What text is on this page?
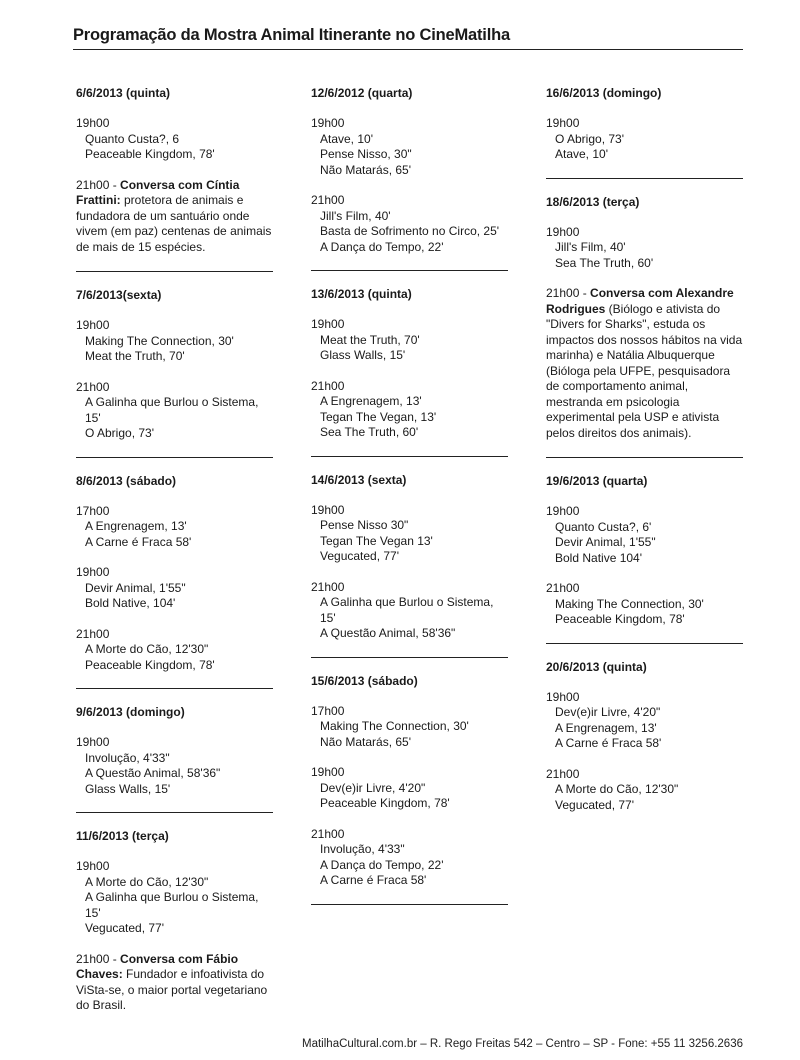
Programação da Mostra Animal Itinerante no CineMatilha
6/6/2013 (quinta)
19h00
Quanto Custa?, 6
Peaceable Kingdom, 78'
21h00 - Conversa com Cíntia Frattini: protetora de animais e fundadora de um santuário onde vivem (em paz) centenas de animais de mais de 15 espécies.
7/6/2013(sexta)
19h00
Making The Connection, 30'
Meat the Truth, 70'
21h00
A Galinha que Burlou o Sistema, 15'
O Abrigo, 73'
8/6/2013 (sábado)
17h00
A Engrenagem, 13'
A Carne é Fraca 58'
19h00
Devir Animal, 1'55"
Bold Native, 104'
21h00
A Morte do Cão, 12'30"
Peaceable Kingdom, 78'
9/6/2013 (domingo)
19h00
Involução, 4'33"
A Questão Animal, 58'36"
Glass Walls, 15'
11/6/2013 (terça)
19h00
A Morte do Cão, 12'30"
A Galinha que Burlou o Sistema, 15'
Vegucated, 77'
21h00 - Conversa com Fábio Chaves: Fundador e infoativista do ViSta-se, o maior portal vegetariano do Brasil.
12/6/2012 (quarta)
19h00
Atave, 10'
Pense Nisso, 30"
Não Matarás, 65'
21h00
Jill's Film, 40'
Basta de Sofrimento no Circo, 25'
A Dança do Tempo, 22'
13/6/2013 (quinta)
19h00
Meat the Truth, 70'
Glass Walls, 15'
21h00
A Engrenagem, 13'
Tegan The Vegan, 13'
Sea The Truth, 60'
14/6/2013 (sexta)
19h00
Pense Nisso 30"
Tegan The Vegan 13'
Vegucated, 77'
21h00
A Galinha que Burlou o Sistema, 15'
A Questão Animal, 58'36"
15/6/2013 (sábado)
17h00
Making The Connection, 30'
Não Matarás, 65'
19h00
Dev(e)ir Livre, 4'20"
Peaceable Kingdom, 78'
21h00
Involução, 4'33"
A Dança do Tempo, 22'
A Carne é Fraca 58'
16/6/2013 (domingo)
19h00
O Abrigo, 73'
Atave, 10'
18/6/2013 (terça)
19h00
Jill's Film, 40'
Sea The Truth, 60'
21h00 - Conversa com Alexandre Rodrigues (Biólogo e ativista do "Divers for Sharks", estuda os impactos dos nossos hábitos na vida marinha) e Natália Albuquerque (Bióloga pela UFPE, pesquisadora de comportamento animal, mestranda em psicologia experimental pela USP e ativista pelos direitos dos animais).
19/6/2013 (quarta)
19h00
Quanto Custa?, 6'
Devir Animal, 1'55"
Bold Native 104'
21h00
Making The Connection, 30'
Peaceable Kingdom, 78'
20/6/2013 (quinta)
19h00
Dev(e)ir Livre, 4'20"
A Engrenagem, 13'
A Carne é Fraca 58'
21h00
A Morte do Cão, 12'30"
Vegucated, 77'
MatilhaCultural.com.br – R. Rego Freitas 542 – Centro – SP - Fone: +55 11 3256.2636
